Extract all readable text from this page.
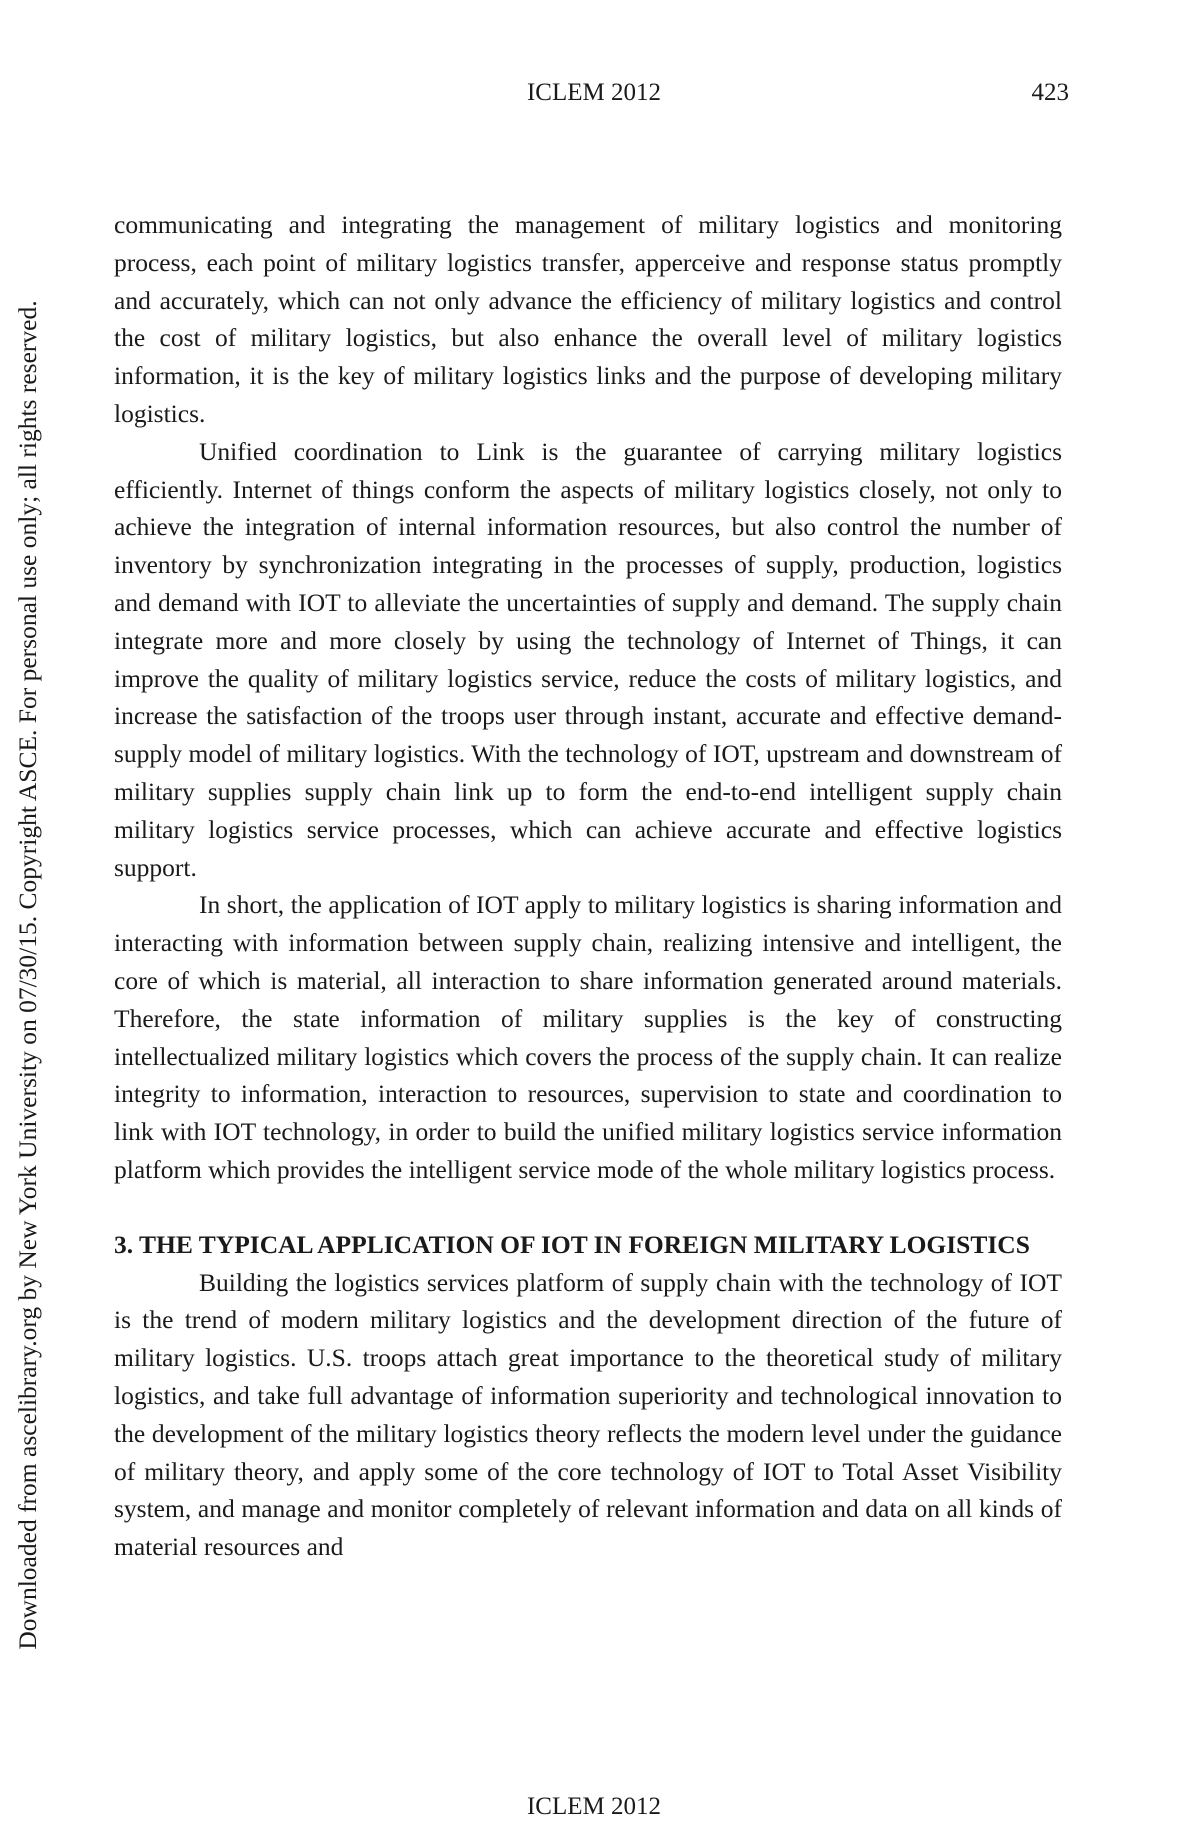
ICLEM 2012	423
Downloaded from ascelibrary.org by New York University on 07/30/15. Copyright ASCE. For personal use only; all rights reserved.

communicating and integrating the management of military logistics and monitoring process, each point of military logistics transfer, apperceive and response status promptly and accurately, which can not only advance the efficiency of military logistics and control the cost of military logistics, but also enhance the overall level of military logistics information, it is the key of military logistics links and the purpose of developing military logistics.

Unified coordination to Link is the guarantee of carrying military logistics efficiently. Internet of things conform the aspects of military logistics closely, not only to achieve the integration of internal information resources, but also control the number of inventory by synchronization integrating in the processes of supply, production, logistics and demand with IOT to alleviate the uncertainties of supply and demand. The supply chain integrate more and more closely by using the technology of Internet of Things, it can improve the quality of military logistics service, reduce the costs of military logistics, and increase the satisfaction of the troops user through instant, accurate and effective demand-supply model of military logistics. With the technology of IOT, upstream and downstream of military supplies supply chain link up to form the end-to-end intelligent supply chain military logistics service processes, which can achieve accurate and effective logistics support.

In short, the application of IOT apply to military logistics is sharing information and interacting with information between supply chain, realizing intensive and intelligent, the core of which is material, all interaction to share information generated around materials. Therefore, the state information of military supplies is the key of constructing intellectualized military logistics which covers the process of the supply chain. It can realize integrity to information, interaction to resources, supervision to state and coordination to link with IOT technology, in order to build the unified military logistics service information platform which provides the intelligent service mode of the whole military logistics process.

3. THE TYPICAL APPLICATION OF IOT IN FOREIGN MILITARY LOGISTICS

Building the logistics services platform of supply chain with the technology of IOT is the trend of modern military logistics and the development direction of the future of military logistics. U.S. troops attach great importance to the theoretical study of military logistics, and take full advantage of information superiority and technological innovation to the development of the military logistics theory reflects the modern level under the guidance of military theory, and apply some of the core technology of IOT to Total Asset Visibility system, and manage and monitor completely of relevant information and data on all kinds of material resources and

ICLEM 2012
